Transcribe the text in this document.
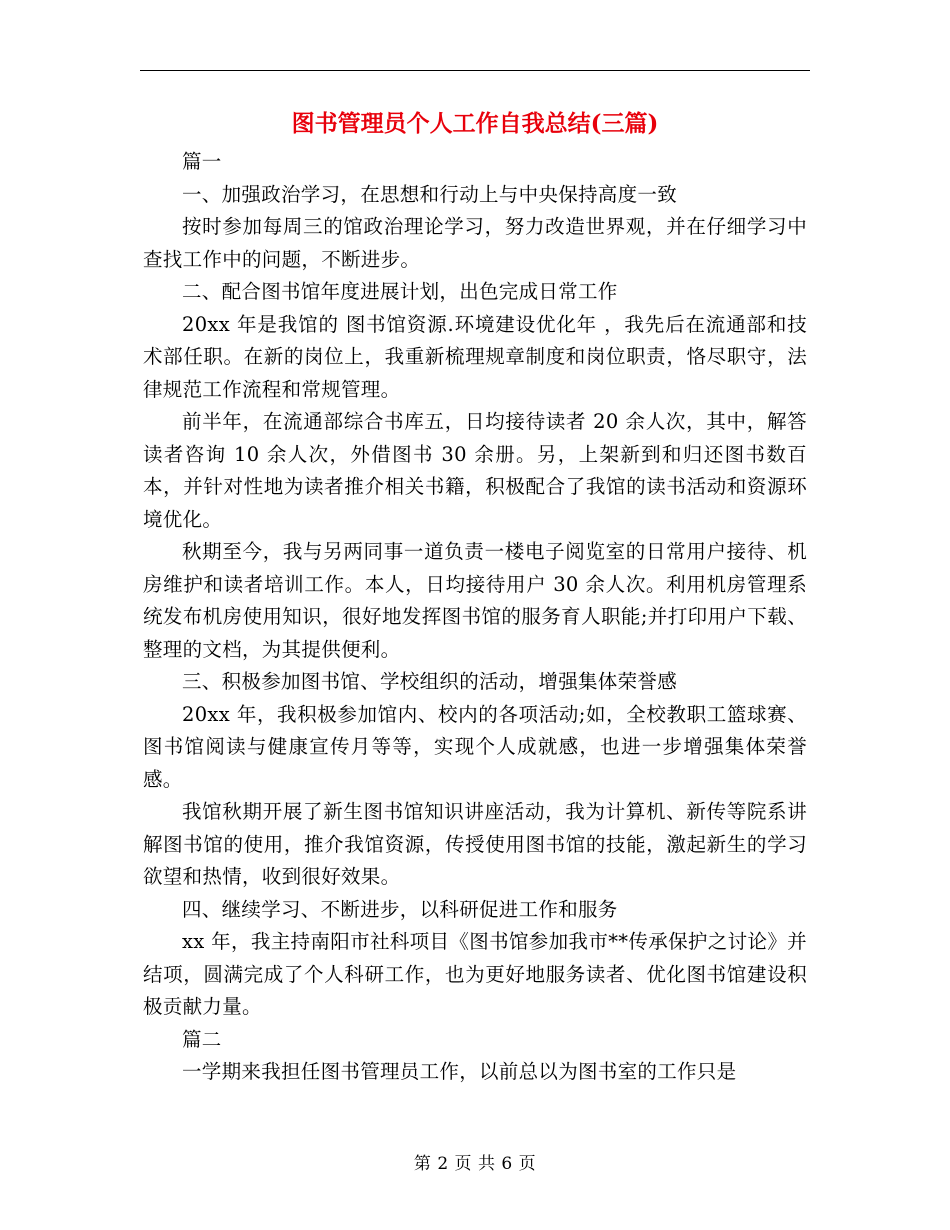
图书管理员个人工作自我总结(三篇)

篇一

一、加强政治学习，在思想和行动上与中央保持高度一致

按时参加每周三的馆政治理论学习，努力改造世界观，并在仔细学习中查找工作中的问题，不断进步。

二、配合图书馆年度进展计划，出色完成日常工作

20xx 年是我馆的 图书馆资源.环境建设优化年 ，我先后在流通部和技术部任职。在新的岗位上，我重新梳理规章制度和岗位职责，恪尽职守，法律规范工作流程和常规管理。

前半年，在流通部综合书库五，日均接待读者 20 余人次，其中，解答读者咨询 10 余人次，外借图书 30 余册。另，上架新到和归还图书数百本，并针对性地为读者推介相关书籍，积极配合了我馆的读书活动和资源环境优化。

秋期至今，我与另两同事一道负责一楼电子阅览室的日常用户接待、机房维护和读者培训工作。本人，日均接待用户 30 余人次。利用机房管理系统发布机房使用知识，很好地发挥图书馆的服务育人职能;并打印用户下载、整理的文档，为其提供便利。

三、积极参加图书馆、学校组织的活动，增强集体荣誉感

20xx 年，我积极参加馆内、校内的各项活动;如，全校教职工篮球赛、图书馆阅读与健康宣传月等等，实现个人成就感，也进一步增强集体荣誉感。

我馆秋期开展了新生图书馆知识讲座活动，我为计算机、新传等院系讲解图书馆的使用，推介我馆资源，传授使用图书馆的技能，激起新生的学习欲望和热情，收到很好效果。

四、继续学习、不断进步，以科研促进工作和服务

xx 年，我主持南阳市社科项目《图书馆参加我市**传承保护之讨论》并结项，圆满完成了个人科研工作，也为更好地服务读者、优化图书馆建设积极贡献力量。

篇二

一学期来我担任图书管理员工作，以前总以为图书室的工作只是

第 2 页 共 6 页
